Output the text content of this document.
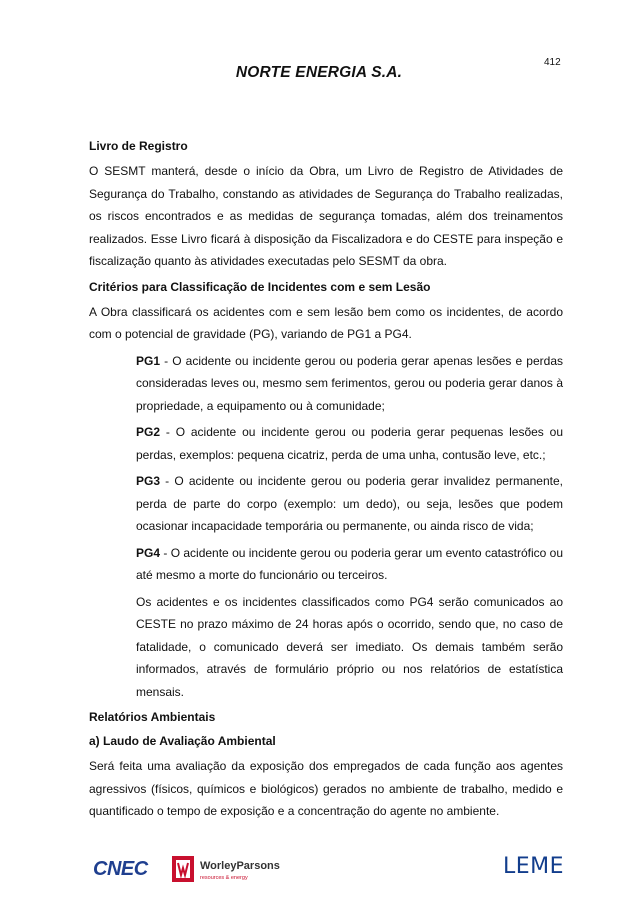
412
NORTE ENERGIA S.A.

Livro de Registro

O SESMT manterá, desde o início da Obra, um Livro de Registro de Atividades de Segurança do Trabalho, constando as atividades de Segurança do Trabalho realizadas, os riscos encontrados e as medidas de segurança tomadas, além dos treinamentos realizados. Esse Livro ficará à disposição da Fiscalizadora e do CESTE para inspeção e fiscalização quanto às atividades executadas pelo SESMT da obra.

Critérios para Classificação de Incidentes com e sem Lesão

A Obra classificará os acidentes com e sem lesão bem como os incidentes, de acordo com o potencial de gravidade (PG), variando de PG1 a PG4.

PG1 - O acidente ou incidente gerou ou poderia gerar apenas lesões e perdas consideradas leves ou, mesmo sem ferimentos, gerou ou poderia gerar danos à propriedade, a equipamento ou à comunidade;

PG2 - O acidente ou incidente gerou ou poderia gerar pequenas lesões ou perdas, exemplos: pequena cicatriz, perda de uma unha, contusão leve, etc.;

PG3 - O acidente ou incidente gerou ou poderia gerar invalidez permanente, perda de parte do corpo (exemplo: um dedo), ou seja, lesões que podem ocasionar incapacidade temporária ou permanente, ou ainda risco de vida;

PG4 - O acidente ou incidente gerou ou poderia gerar um evento catastrófico ou até mesmo a morte do funcionário ou terceiros.

Os acidentes e os incidentes classificados como PG4 serão comunicados ao CESTE no prazo máximo de 24 horas após o ocorrido, sendo que, no caso de fatalidade, o comunicado deverá ser imediato. Os demais também serão informados, através de formulário próprio ou nos relatórios de estatística mensais.

Relatórios Ambientais

a) Laudo de Avaliação Ambiental

Será feita uma avaliação da exposição dos empregados de cada função aos agentes agressivos (físicos, químicos e biológicos) gerados no ambiente de trabalho, medido e quantificado o tempo de exposição e a concentração do agente no ambiente.

CNEC	WorleyParsons
resources & energy	LEME
